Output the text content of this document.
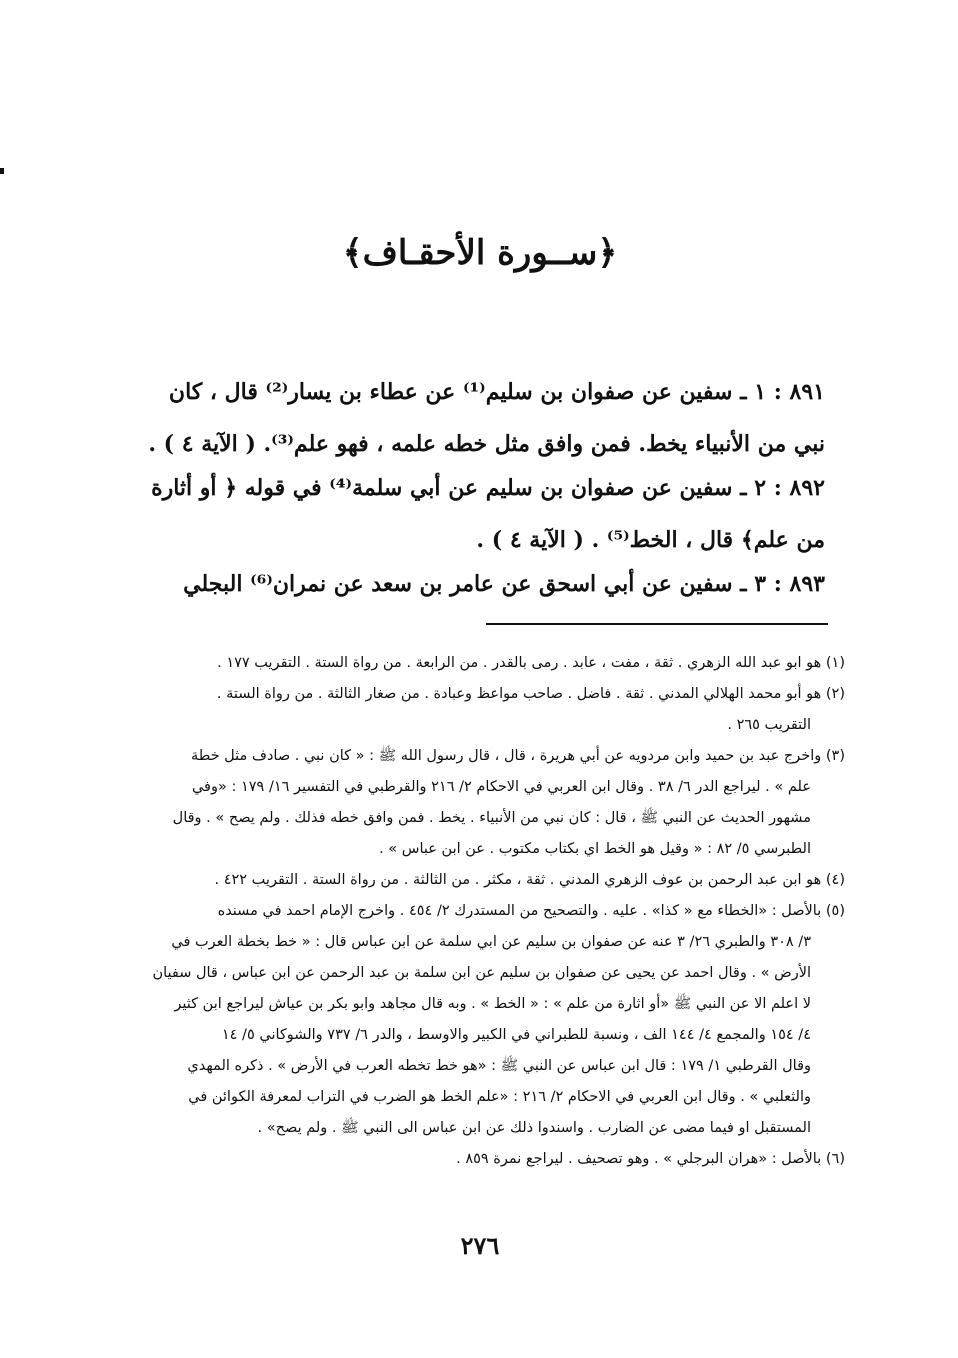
﴿ســورة الأحقـاف﴾
٨٩١ : ١ ـ سفين عن صفوان بن سليم⁽¹⁾ عن عطاء بن يسار⁽²⁾ قال ، كان
نبي من الأنبياء يخط. فمن وافق مثل خطه علمه ، فهو علم⁽³⁾. ( الآية ٤ ) .
٨٩٢ : ٢ ـ سفين عن صفوان بن سليم عن أبي سلمة⁽⁴⁾ في قوله ﴿ أو أثارة
من علم﴾ قال ، الخط⁽⁵⁾ . ( الآية ٤ ) .
٨٩٣ : ٣ ـ سفين عن أبي اسحق عن عامر بن سعد عن نمران⁽⁶⁾ البجلي
(١) هو ابو عبد الله الزهري . ثقة ، مفت ، عابد . رمى بالقدر . من الرابعة . من رواة الستة . التقريب ١٧٧ .
(٢) هو أبو محمد الهلالي المدني . ثقة . فاضل . صاحب مواعظ وعبادة . من صغار الثالثة . من رواة الستة .
التقريب ٢٦٥ .
(٣) واخرج عبد بن حميد وابن مردويه عن أبي هريرة ، قال ، قال رسول الله ﷺ : « كان نبي . صادف مثل خطة
علم » . ليراجع الدر ٦/ ٣٨ . وقال ابن العربي في الاحكام ٢/ ٢١٦ والقرطبي في التفسير ١٦/ ١٧٩ : «وفي
مشهور الحديث عن النبي ﷺ ، قال : كان نبي من الأنبياء . يخط . فمن وافق خطه فذلك . ولم يصح » . وقال
الطبرسي ٥/ ٨٢ : « وقيل هو الخط اي بكتاب مكتوب . عن ابن عباس » .
(٤) هو ابن عبد الرحمن بن عوف الزهري المدني . ثقة ، مكثر . من الثالثة . من رواة الستة . التقريب ٤٢٢ .
(٥) بالأصل : «الخطاء مع « كذا» . عليه . والتصحيح من المستدرك ٢/ ٤٥٤ . واخرج الإمام احمد في مسنده
٣/ ٣٠٨ والطبري ٢٦/ ٣ عنه عن صفوان بن سليم عن ابي سلمة عن ابن عباس قال : « خط بخطة العرب في
الأرض » . وقال احمد عن يحيى عن صفوان بن سليم عن ابن سلمة بن عبد الرحمن عن ابن عباس ، قال سفيان
لا اعلم الا عن النبي ﷺ «أو اثارة من علم » : « الخط » . وبه قال مجاهد وابو بكر بن عياش ليراجع ابن كثير
٤/ ١٥٤ والمجمع ٤/ ١٤٤ الف ، ونسبة للطبراني في الكبير والاوسط ، والدر ٦/ ٧٣٧ والشوكاني ٥/ ١٤
وقال القرطبي ١/ ١٧٩ : قال ابن عباس عن النبي ﷺ : «هو خط تخطه العرب في الأرض » . ذكره المهدي
والثعلبي » . وقال ابن العربي في الاحكام ٢/ ٢١٦ : «علم الخط هو الضرب في التراب لمعرفة الكوائن في
المستقبل او فيما مضى عن الضارب . واسندوا ذلك عن ابن عباس الى النبي ﷺ . ولم يصح» .
(٦) بالأصل : «هران البرجلي » . وهو تصحيف . ليراجع نمرة ٨٥٩ .
٢٧٦
